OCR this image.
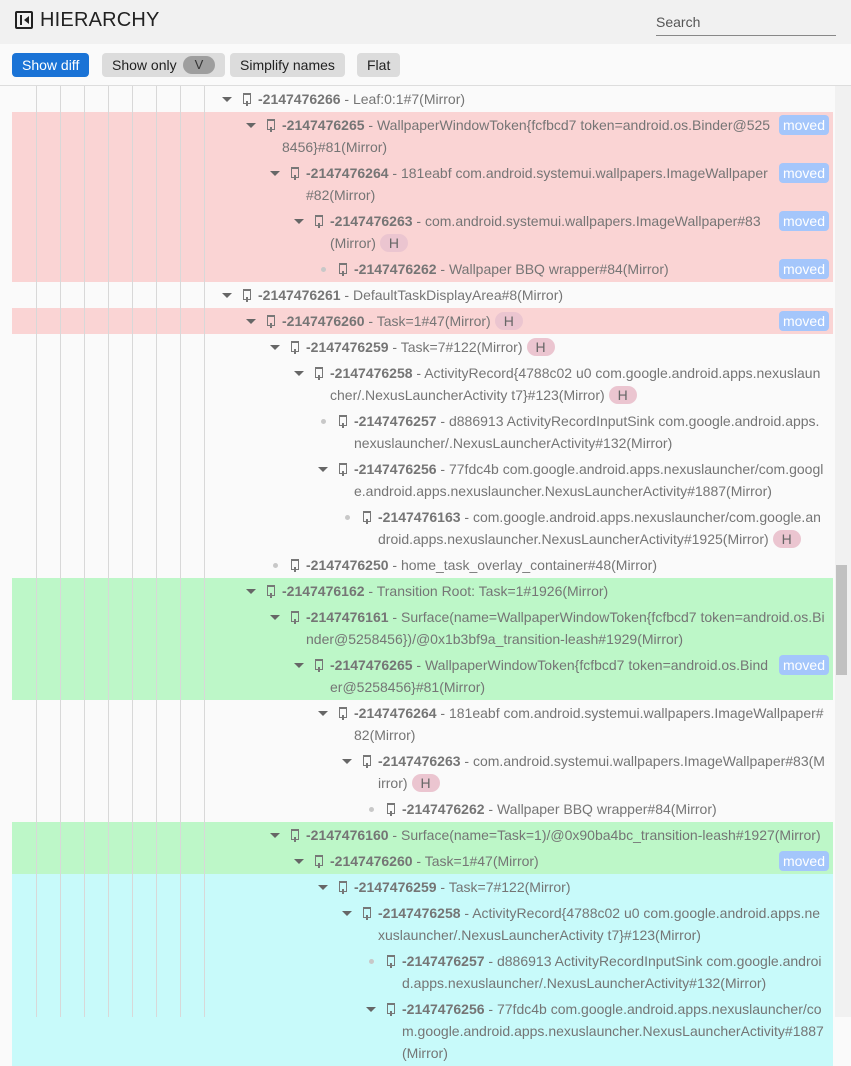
HIERARCHY
Search
Show diff Show only	V	Simplify names Flat
-2147476266 - Leaf:0:1#7(Mirror)
-2147476265 - WallpaperWindowToken{fcfbcd7 token=android.os.Binder@5258456}#81(Mirror)
moved
-2147476264 - 181eabf com.android.systemui.wallpapers.ImageWallpaper#82(Mirror)
moved
-2147476263 - com.android.systemui.wallpapers.ImageWallpaper#83(Mirror) H
moved
-2147476262 - Wallpaper BBQ wrapper#84(Mirror)	moved
-2147476261 - DefaultTaskDisplayArea#8(Mirror)
-2147476260 - Task=1#47(Mirror) H	moved
-2147476259 - Task=7#122(Mirror) H
-2147476258 - ActivityRecord{4788c02 u0 com.google.android.apps.nexuslauncher/.NexusLauncherActivity t7}#123(Mirror) H
-2147476257 - d886913 ActivityRecordInputSink com.google.android.apps.nexuslauncher/.NexusLauncherActivity#132(Mirror)
-2147476256 - 77fdc4b com.google.android.apps.nexuslauncher/com.google.android.apps.nexuslauncher.NexusLauncherActivity#1887(Mirror)
-2147476163 - com.google.android.apps.nexuslauncher/com.google.android.apps.nexuslauncher.NexusLauncherActivity#1925(Mirror) H
-2147476250 - home_task_overlay_container#48(Mirror)
-2147476162 - Transition Root: Task=1#1926(Mirror)
-2147476161 - Surface(name=WallpaperWindowToken{fcfbcd7 token=android.os.Binder@5258456})/@0x1b3bf9a_transition-leash#1929(Mirror)
-2147476265 - WallpaperWindowToken{fcfbcd7 token=android.os.Binder@5258456}#81(Mirror)
moved
-2147476264 - 181eabf com.android.systemui.wallpapers.ImageWallpaper#82(Mirror)
-2147476263 - com.android.systemui.wallpapers.ImageWallpaper#83(Mirror) H
-2147476262 - Wallpaper BBQ wrapper#84(Mirror)
-2147476160 - Surface(name=Task=1)/@0x90ba4bc_transition-leash#1927(Mirror)
-2147476260 - Task=1#47(Mirror)	moved
-2147476259 - Task=7#122(Mirror)
-2147476258 - ActivityRecord{4788c02 u0 com.google.android.apps.nexuslauncher/.NexusLauncherActivity t7}#123(Mirror)
-2147476257 - d886913 ActivityRecordInputSink com.google.android.apps.nexuslauncher/.NexusLauncherActivity#132(Mirror)
-2147476256 - 77fdc4b com.google.android.apps.nexuslauncher/com.google.android.apps.nexuslauncher.NexusLauncherActivity#1887(Mirror)
